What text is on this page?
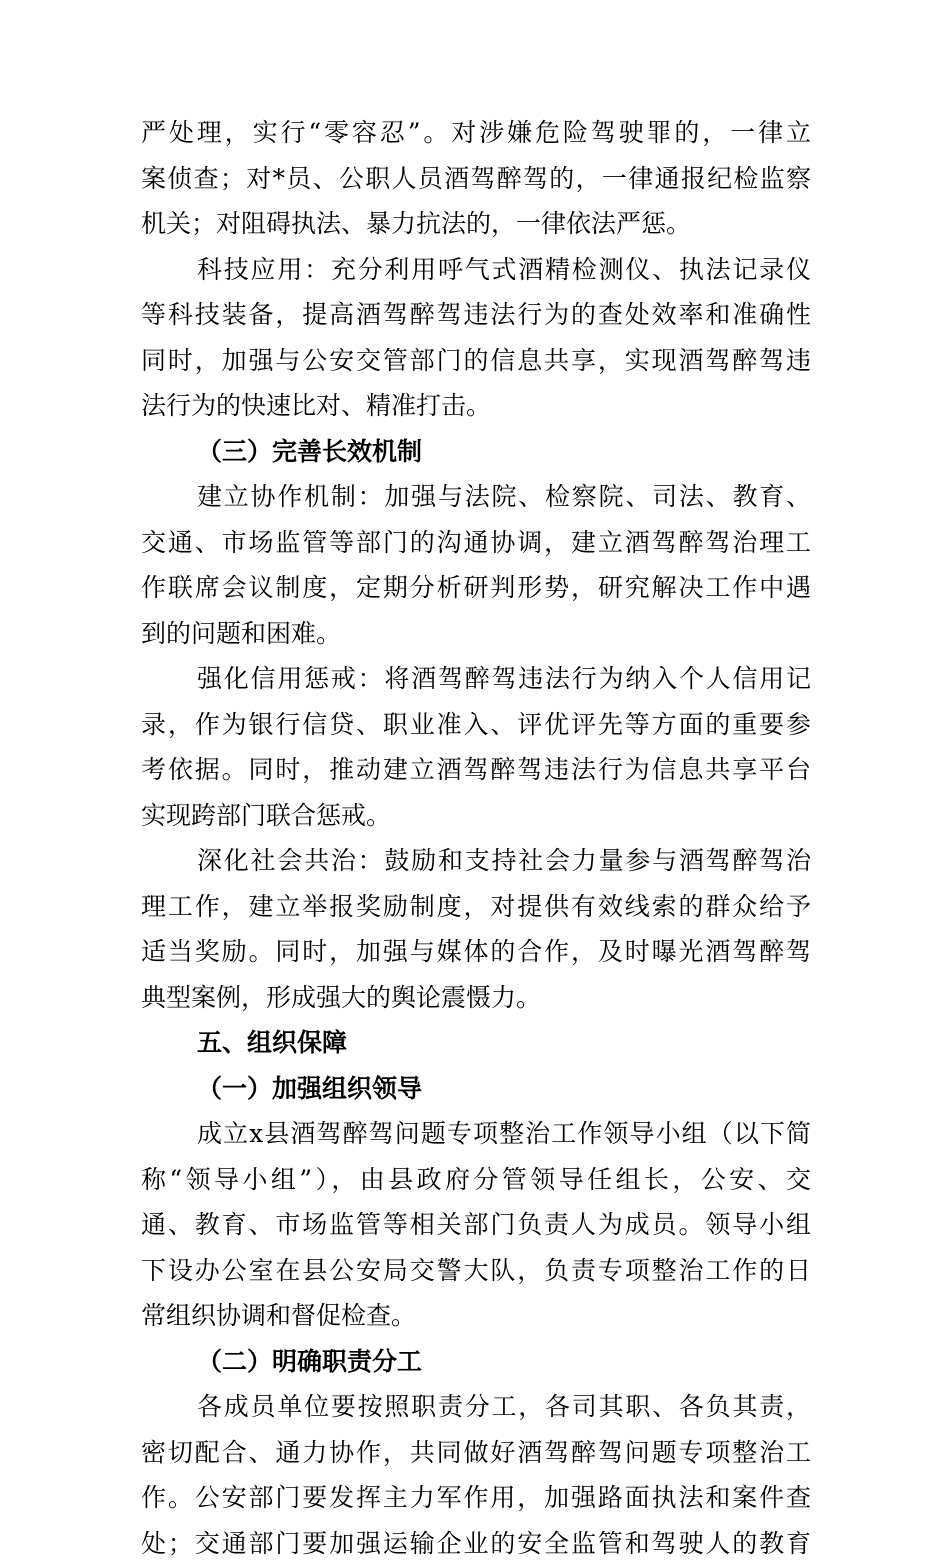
严处理，实行“零容忍”。对涉嫌危险驾驶罪的，一律立
案侦查；对*员、公职人员酒驾醉驾的，一律通报纪检监察
机关；对阻碍执法、暴力抗法的，一律依法严惩。
科技应用：充分利用呼气式酒精检测仪、执法记录仪
等科技装备，提高酒驾醉驾违法行为的查处效率和准确性
同时，加强与公安交管部门的信息共享，实现酒驾醉驾违
法行为的快速比对、精准打击。
（三）完善长效机制
建立协作机制：加强与法院、检察院、司法、教育、
交通、市场监管等部门的沟通协调，建立酒驾醉驾治理工
作联席会议制度，定期分析研判形势，研究解决工作中遇
到的问题和困难。
强化信用惩戒：将酒驾醉驾违法行为纳入个人信用记
录，作为银行信贷、职业准入、评优评先等方面的重要参
考依据。同时，推动建立酒驾醉驾违法行为信息共享平台
实现跨部门联合惩戒。
深化社会共治：鼓励和支持社会力量参与酒驾醉驾治
理工作，建立举报奖励制度，对提供有效线索的群众给予
适当奖励。同时，加强与媒体的合作，及时曝光酒驾醉驾
典型案例，形成强大的舆论震慑力。
五、组织保障
（一）加强组织领导
成立x县酒驾醉驾问题专项整治工作领导小组（以下简
称“领导小组”），由县政府分管领导任组长，公安、交
通、教育、市场监管等相关部门负责人为成员。领导小组
下设办公室在县公安局交警大队，负责专项整治工作的日
常组织协调和督促检查。
（二）明确职责分工
各成员单位要按照职责分工，各司其职、各负其责，
密切配合、通力协作，共同做好酒驾醉驾问题专项整治工
作。公安部门要发挥主力军作用，加强路面执法和案件查
处；交通部门要加强运输企业的安全监管和驾驶人的教育
